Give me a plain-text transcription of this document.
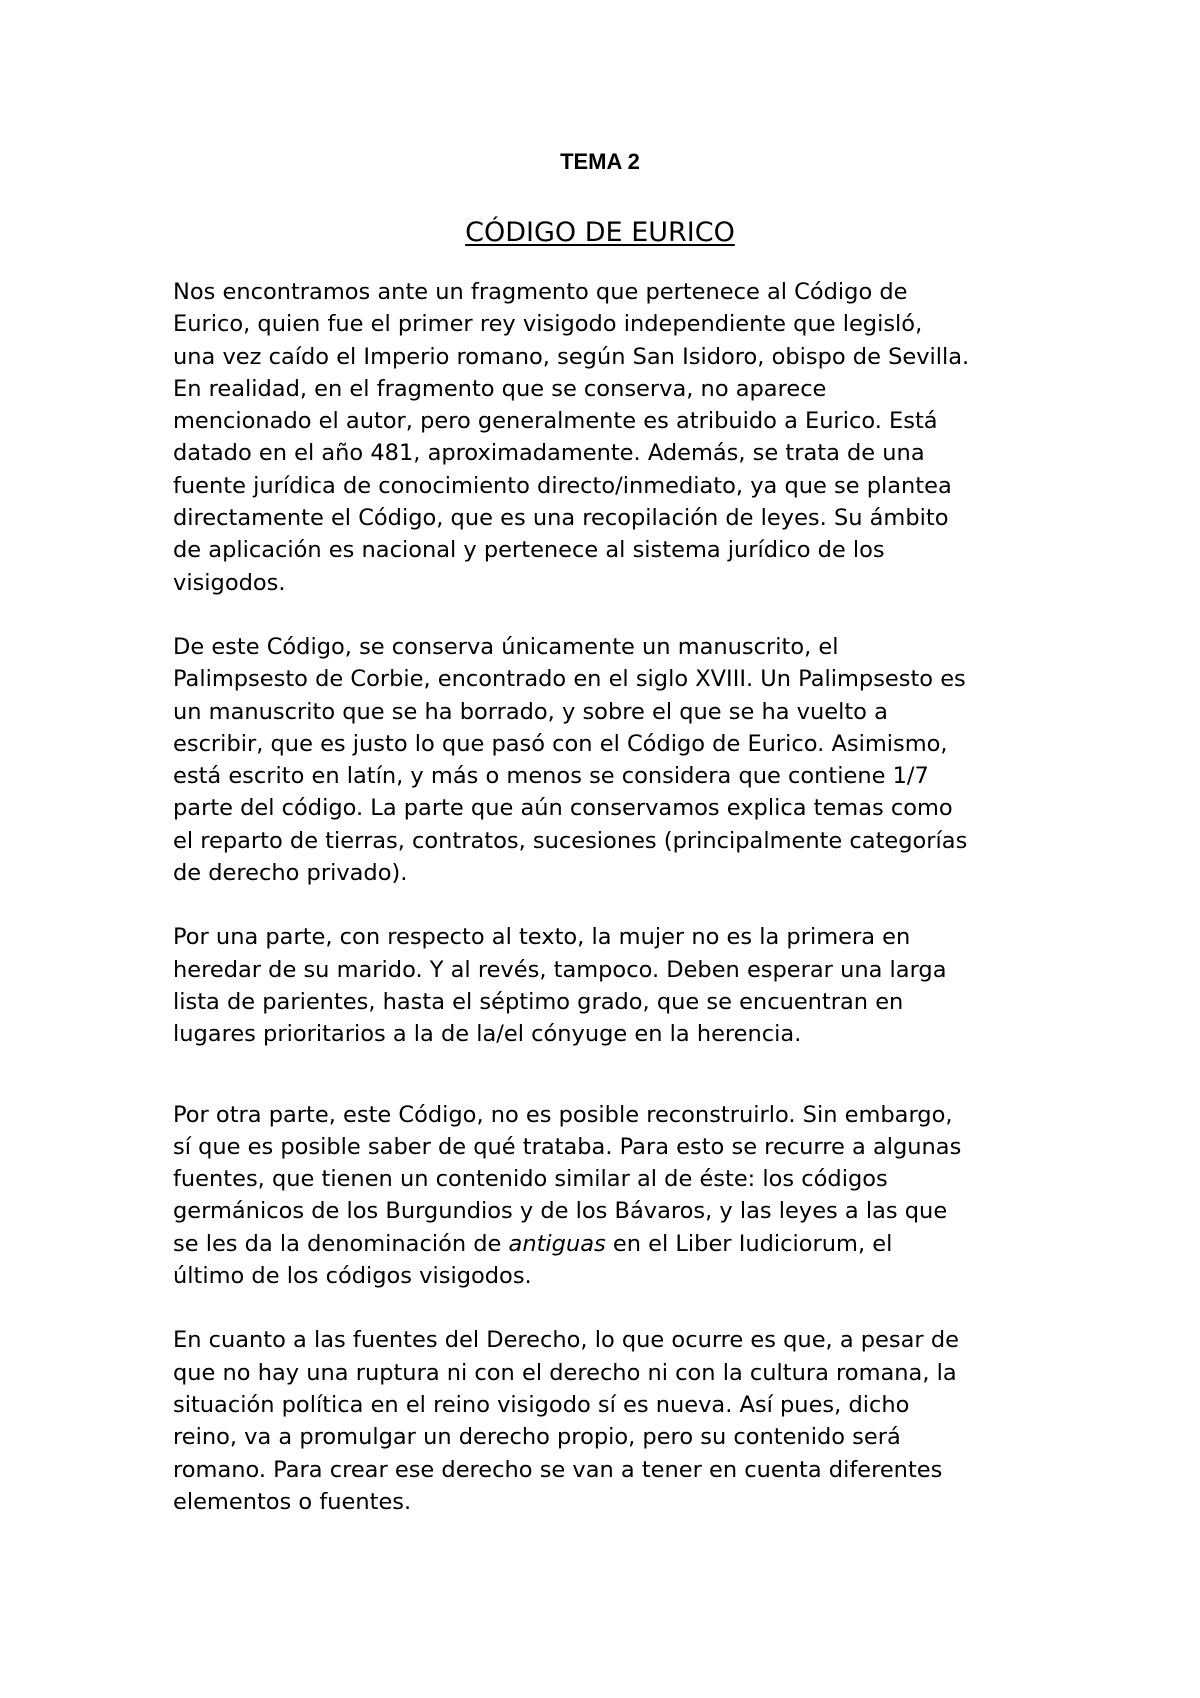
TEMA 2
CÓDIGO DE EURICO

Nos encontramos ante un fragmento que pertenece al Código de
Eurico, quien fue el primer rey visigodo independiente que legisló,
una vez caído el Imperio romano, según San Isidoro, obispo de Sevilla.
En realidad, en el fragmento que se conserva, no aparece
mencionado el autor, pero generalmente es atribuido a Eurico. Está
datado en el año 481, aproximadamente. Además, se trata de una
fuente jurídica de conocimiento directo/inmediato, ya que se plantea
directamente el Código, que es una recopilación de leyes. Su ámbito
de aplicación es nacional y pertenece al sistema jurídico de los
visigodos.

De este Código, se conserva únicamente un manuscrito, el
Palimpsesto de Corbie, encontrado en el siglo XVIII. Un Palimpsesto es
un manuscrito que se ha borrado, y sobre el que se ha vuelto a
escribir, que es justo lo que pasó con el Código de Eurico. Asimismo,
está escrito en latín, y más o menos se considera que contiene 1/7
parte del código. La parte que aún conservamos explica temas como
el reparto de tierras, contratos, sucesiones (principalmente categorías
de derecho privado).

Por una parte, con respecto al texto, la mujer no es la primera en
heredar de su marido. Y al revés, tampoco. Deben esperar una larga
lista de parientes, hasta el séptimo grado, que se encuentran en
lugares prioritarios a la de la/el cónyuge en la herencia.

Por otra parte, este Código, no es posible reconstruirlo. Sin embargo,
sí que es posible saber de qué trataba. Para esto se recurre a algunas
fuentes, que tienen un contenido similar al de éste: los códigos
germánicos de los Burgundios y de los Bávaros, y las leyes a las que
se les da la denominación de antiguas en el Liber Iudiciorum, el
último de los códigos visigodos.

En cuanto a las fuentes del Derecho, lo que ocurre es que, a pesar de
que no hay una ruptura ni con el derecho ni con la cultura romana, la
situación política en el reino visigodo sí es nueva. Así pues, dicho
reino, va a promulgar un derecho propio, pero su contenido será
romano. Para crear ese derecho se van a tener en cuenta diferentes
elementos o fuentes.
